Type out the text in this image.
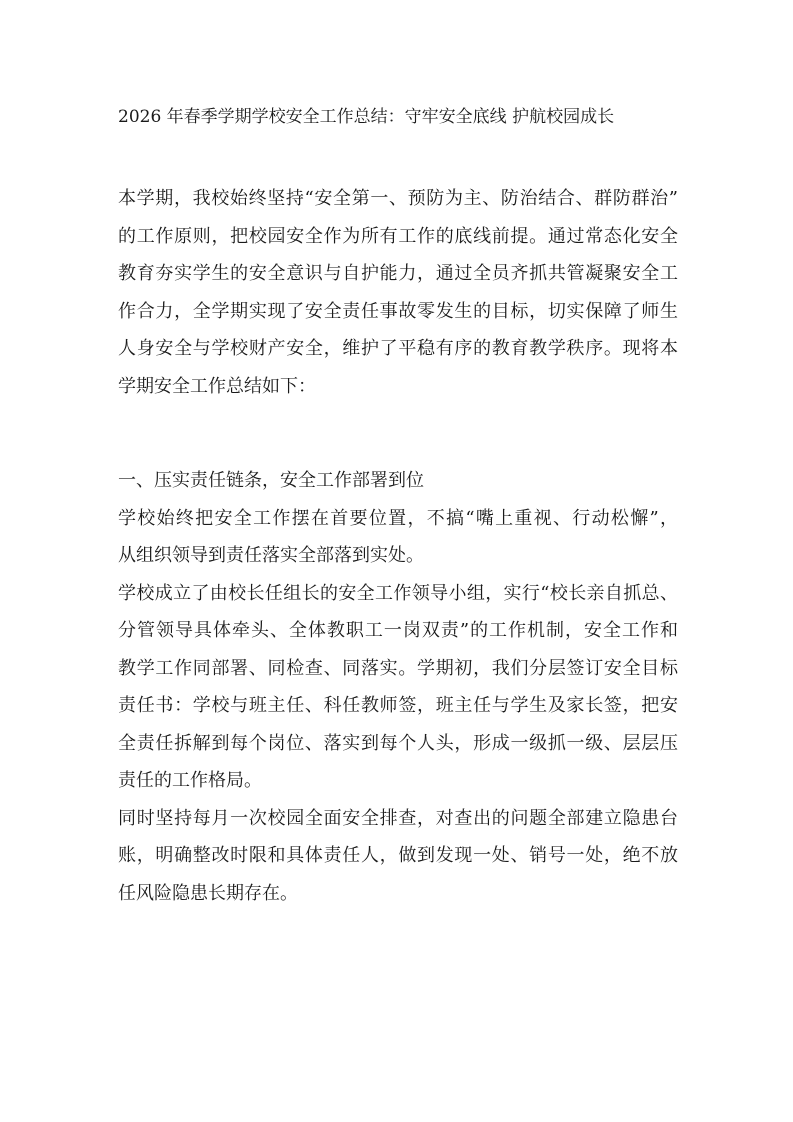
2026 年春季学期学校安全工作总结：守牢安全底线 护航校园成长
本学期，我校始终坚持“安全第一、预防为主、防治结合、群防群治”
的工作原则，把校园安全作为所有工作的底线前提。通过常态化安全
教育夯实学生的安全意识与自护能力，通过全员齐抓共管凝聚安全工
作合力，全学期实现了安全责任事故零发生的目标，切实保障了师生
人身安全与学校财产安全，维护了平稳有序的教育教学秩序。现将本
学期安全工作总结如下：
一、压实责任链条，安全工作部署到位
学校始终把安全工作摆在首要位置，不搞“嘴上重视、行动松懈”，
从组织领导到责任落实全部落到实处。
学校成立了由校长任组长的安全工作领导小组，实行“校长亲自抓总、
分管领导具体牵头、全体教职工一岗双责”的工作机制，安全工作和
教学工作同部署、同检查、同落实。学期初，我们分层签订安全目标
责任书：学校与班主任、科任教师签，班主任与学生及家长签，把安
全责任拆解到每个岗位、落实到每个人头，形成一级抓一级、层层压
责任的工作格局。
同时坚持每月一次校园全面安全排查，对查出的问题全部建立隐患台
账，明确整改时限和具体责任人，做到发现一处、销号一处，绝不放
任风险隐患长期存在。
